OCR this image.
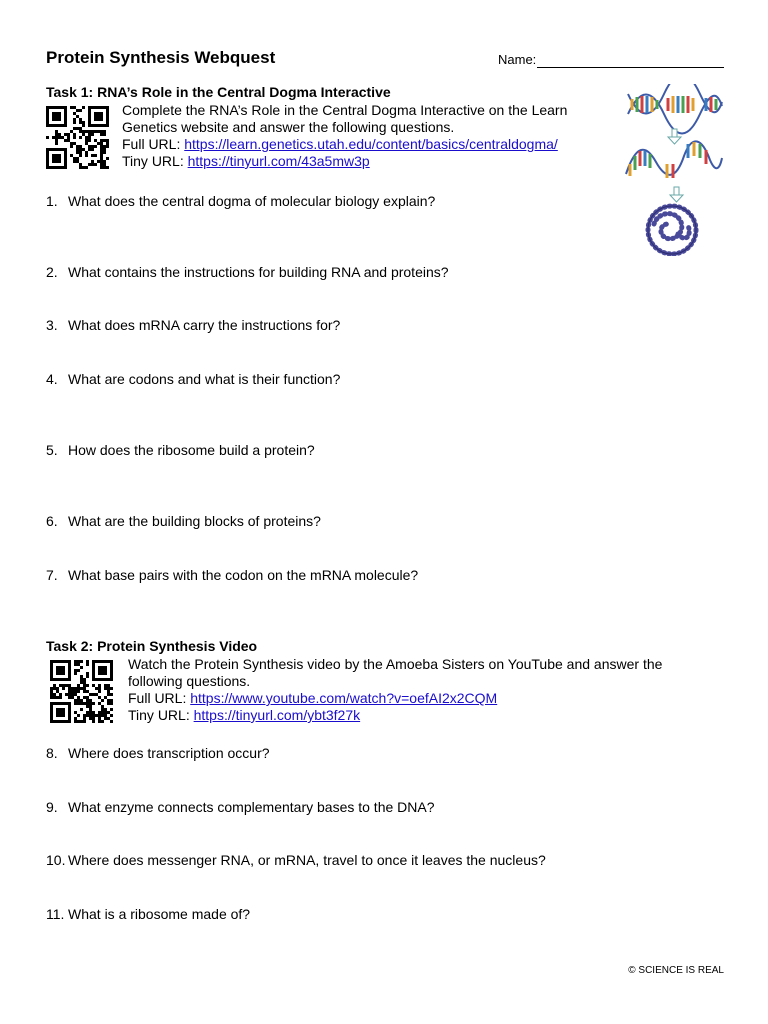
Protein Synthesis Webquest	Name:
Task 1: RNA’s Role in the Central Dogma Interactive
Complete the RNA’s Role in the Central Dogma Interactive on the Learn
Genetics website and answer the following questions.
Full URL: https://learn.genetics.utah.edu/content/basics/centraldogma/
Tiny URL: https://tinyurl.com/43a5mw3p
1. What does the central dogma of molecular biology explain?
2. What contains the instructions for building RNA and proteins?
3. What does mRNA carry the instructions for?
4. What are codons and what is their function?
5. How does the ribosome build a protein?
6. What are the building blocks of proteins?
7. What base pairs with the codon on the mRNA molecule?
Task 2: Protein Synthesis Video
Watch the Protein Synthesis video by the Amoeba Sisters on YouTube and answer the
following questions.
Full URL: https://www.youtube.com/watch?v=oefAI2x2CQM
Tiny URL: https://tinyurl.com/ybt3f27k
8. Where does transcription occur?
9. What enzyme connects complementary bases to the DNA?
10. Where does messenger RNA, or mRNA, travel to once it leaves the nucleus?
11. What is a ribosome made of?
© SCIENCE IS REAL
